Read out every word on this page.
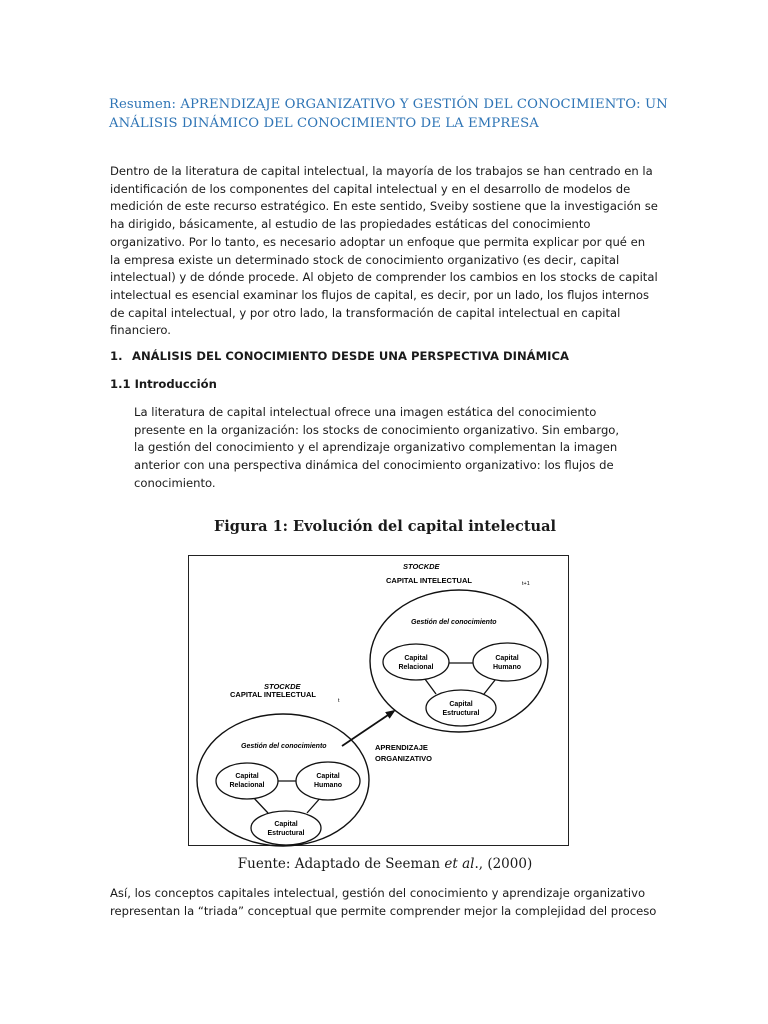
Resumen: APRENDIZAJE ORGANIZATIVO Y GESTIÓN DEL CONOCIMIENTO: UN ANÁLISIS DINÁMICO DEL CONOCIMIENTO DE LA EMPRESA

Dentro de la literatura de capital intelectual, la mayoría de los trabajos se han centrado en la identificación de los componentes del capital intelectual y en el desarrollo de modelos de medición de este recurso estratégico. En este sentido, Sveiby sostiene que la investigación se ha dirigido, básicamente, al estudio de las propiedades estáticas del conocimiento organizativo. Por lo tanto, es necesario adoptar un enfoque que permita explicar por qué en la empresa existe un determinado stock de conocimiento organizativo (es decir, capital intelectual) y de dónde procede. Al objeto de comprender los cambios en los stocks de capital intelectual es esencial examinar los flujos de capital, es decir, por un lado, los flujos internos de capital intelectual, y por otro lado, la transformación de capital intelectual en capital financiero.

1. ANÁLISIS DEL CONOCIMIENTO DESDE UNA PERSPECTIVA DINÁMICA

1.1 Introducción

La literatura de capital intelectual ofrece una imagen estática del conocimiento presente en la organización: los stocks de conocimiento organizativo. Sin embargo, la gestión del conocimiento y el aprendizaje organizativo complementan la imagen anterior con una perspectiva dinámica del conocimiento organizativo: los flujos de conocimiento.

Figura 1: Evolución del capital intelectual

STOCKDE
CAPITAL INTELECTUAL	t+1
Gestión del conocimiento
Capital
Relacional
Capital
Humano
Capital
Estructural
STOCKDE
CAPITAL INTELECTUAL
t
Gestión del conocimiento
Capital
Relacional
Capital
Humano
Capital
Estructural
APRENDIZAJE
ORGANIZATIVO

Fuente: Adaptado de Seeman et al., (2000)

Así, los conceptos capitales intelectual, gestión del conocimiento y aprendizaje organizativo representan la “triada” conceptual que permite comprender mejor la complejidad del proceso
